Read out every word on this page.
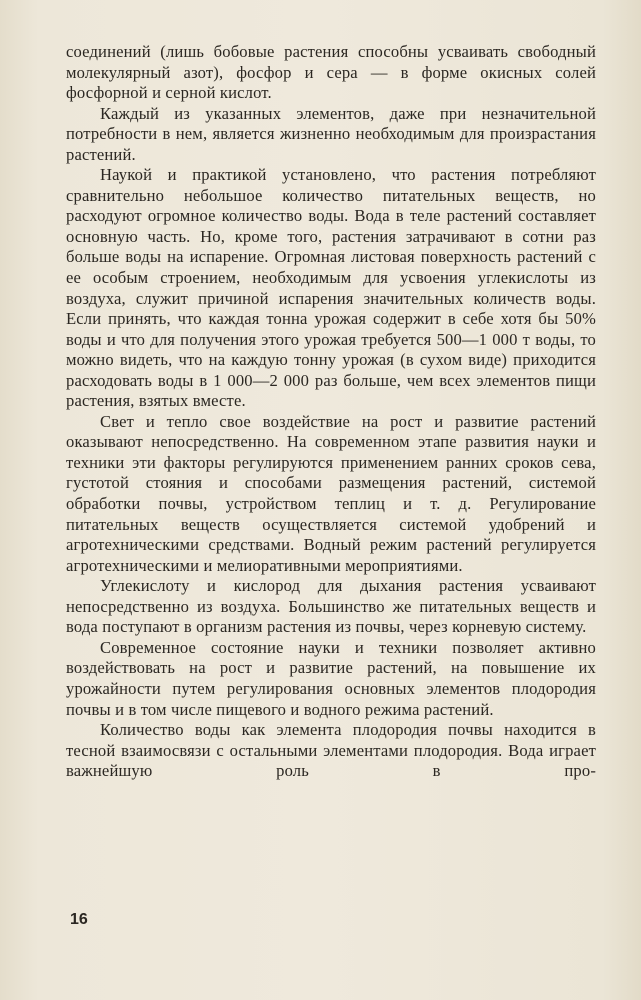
соединений (лишь бобовые растения способны усваивать свободный молекулярный азот), фосфор и сера — в форме окисных солей фосфорной и серной кислот.

Каждый из указанных элементов, даже при незначительной потребности в нем, является жизненно необходимым для произрастания растений.

Наукой и практикой установлено, что растения потребляют сравнительно небольшое количество питательных веществ, но расходуют огромное количество воды. Вода в теле растений составляет основную часть. Но, кроме того, растения затрачивают в сотни раз больше воды на испарение. Огромная листовая поверхность растений с ее особым строением, необходимым для усвоения углекислоты из воздуха, служит причиной испарения значительных количеств воды. Если принять, что каждая тонна урожая содержит в себе хотя бы 50% воды и что для получения этого урожая требуется 500—1 000 т воды, то можно видеть, что на каждую тонну урожая (в сухом виде) приходится расходовать воды в 1 000—2 000 раз больше, чем всех элементов пищи растения, взятых вместе.

Свет и тепло свое воздействие на рост и развитие растений оказывают непосредственно. На современном этапе развития науки и техники эти факторы регулируются применением ранних сроков сева, густотой стояния и способами размещения растений, системой обработки почвы, устройством теплиц и т. д. Регулирование питательных веществ осуществляется системой удобрений и агротехническими средствами. Водный режим растений регулируется агротехническими и мелиоративными мероприятиями.

Углекислоту и кислород для дыхания растения усваивают непосредственно из воздуха. Большинство же питательных веществ и вода поступают в организм растения из почвы, через корневую систему.

Современное состояние науки и техники позволяет активно воздействовать на рост и развитие растений, на повышение их урожайности путем регулирования основных элементов плодородия почвы и в том числе пищевого и водного режима растений.

Количество воды как элемента плодородия почвы находится в тесной взаимосвязи с остальными элементами плодородия. Вода играет важнейшую роль в про-

16
